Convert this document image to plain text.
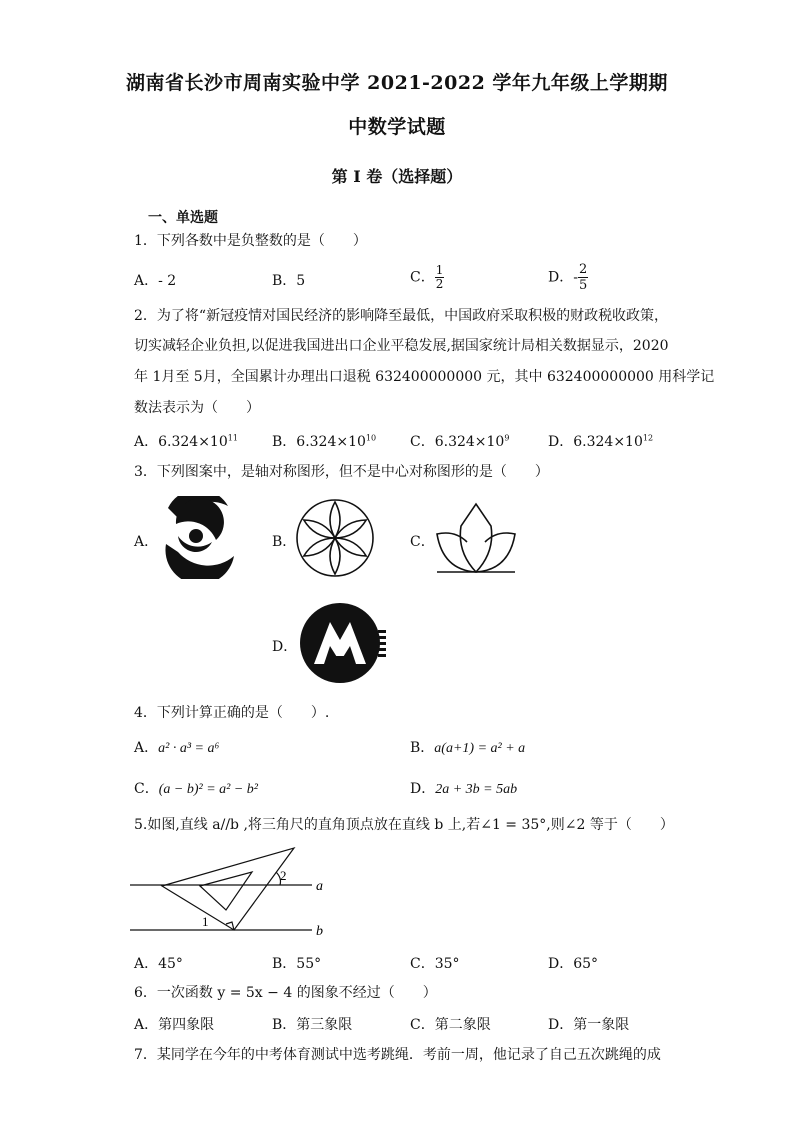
湖南省长沙市周南实验中学 2021-2022 学年九年级上学期期
中数学试题
第 I 卷（选择题）
一、单选题
1．下列各数中是负整数的是（　　）
A．- 2	B．5	C． $\frac{1}{2}$	D．- $\frac{2}{5}$
2．为了将“新冠疫情对国民经济的影响降至最低，中国政府采取积极的财政税收政策，
切实减轻企业负担,以促进我国进出口企业平稳发展,据国家统计局相关数据显示，2020
年 1月至 5月，全国累计办理出口退税 632400000000 元，其中 632400000000 用科学记
数法表示为（　　）
A．$6.324\times 10^{11}$ B．$6.324\times 10^{10}$ C．$6.324\times 10^9$	D．$6.324\times 10^{12}$
3．下列图案中，是轴对称图形，但不是中心对称图形的是（　　）
A．	B．	C．
D．
4．下列计算正确的是（　　）.
A．a² · a³ = a⁶	B．a(a+1) = a² + a
C．(a − b)² = a² − b²	D．2a + 3b = 5ab
5.如图,直线 a//b ,将三角尺的直角顶点放在直线 b 上,若∠1 = 35°,则∠2 等于（　　）
a
b
1
2
A．45°	B．55°	C．35°	D．65°
6．一次函数 y = 5x − 4 的图象不经过（　　）
A．第四象限	B．第三象限	C．第二象限	D．第一象限
7．某同学在今年的中考体育测试中选考跳绳．考前一周，他记录了自己五次跳绳的成
